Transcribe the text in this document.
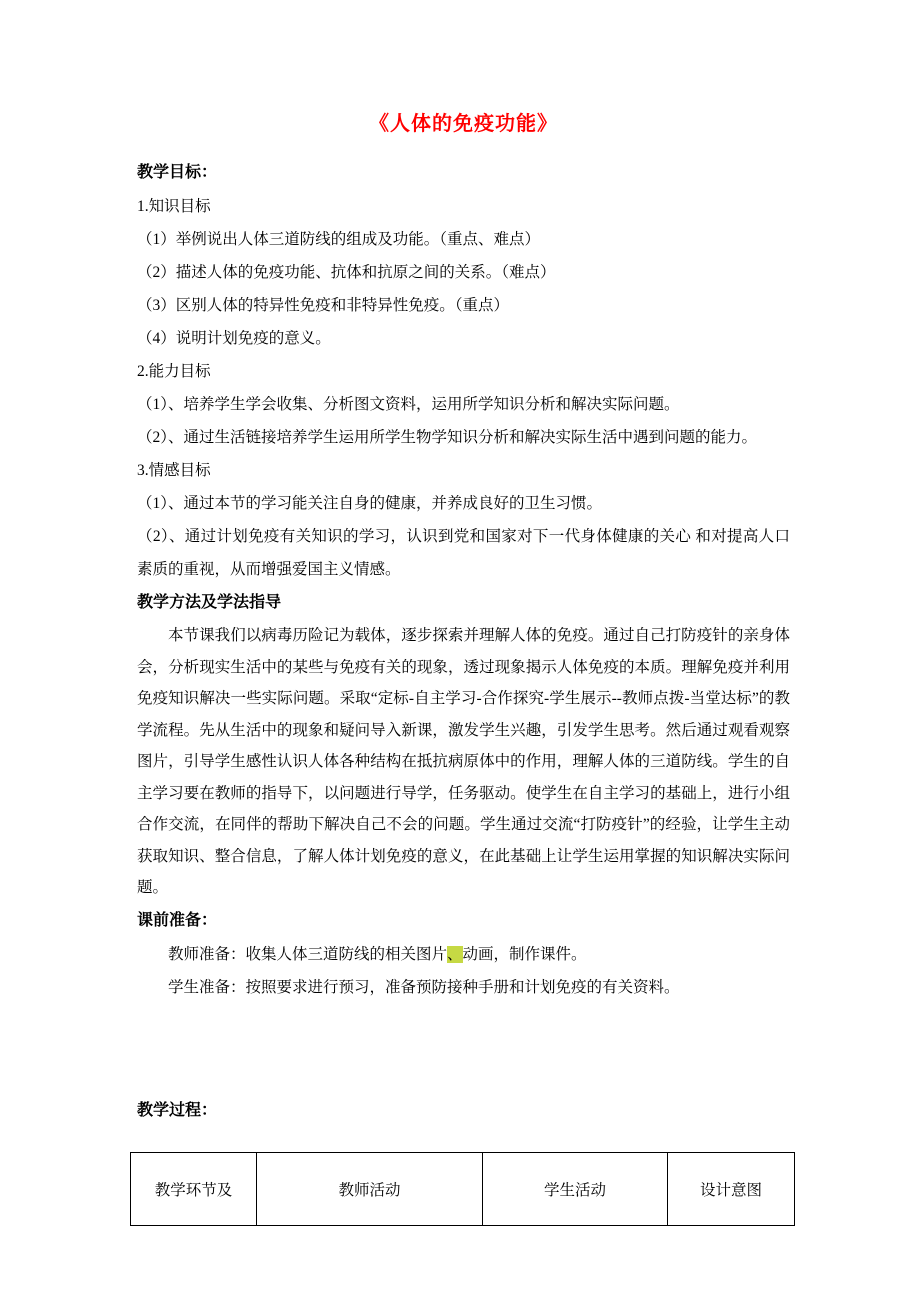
《人体的免疫功能》
教学目标：
1.知识目标
（1）举例说出人体三道防线的组成及功能。（重点、难点）
（2）描述人体的免疫功能、抗体和抗原之间的关系。（难点）
（3）区别人体的特异性免疫和非特异性免疫。（重点）
（4）说明计划免疫的意义。
2.能力目标
（1）、培养学生学会收集、分析图文资料，运用所学知识分析和解决实际问题。
（2）、通过生活链接培养学生运用所学生物学知识分析和解决实际生活中遇到问题的能力。
3.情感目标
（1）、通过本节的学习能关注自身的健康，并养成良好的卫生习惯。
（2）、通过计划免疫有关知识的学习，认识到党和国家对下一代身体健康的关心 和对提高人口素质的重视，从而增强爱国主义情感。
教学方法及学法指导
本节课我们以病毒历险记为载体，逐步探索并理解人体的免疫。通过自己打防疫针的亲身体会，分析现实生活中的某些与免疫有关的现象，透过现象揭示人体免疫的本质。理解免疫并利用免疫知识解决一些实际问题。采取“定标-自主学习-合作探究-学生展示--教师点拨-当堂达标”的教学流程。先从生活中的现象和疑问导入新课，激发学生兴趣，引发学生思考。然后通过观看观察图片，引导学生感性认识人体各种结构在抵抗病原体中的作用，理解人体的三道防线。学生的自主学习要在教师的指导下，以问题进行导学，任务驱动。使学生在自主学习的基础上，进行小组合作交流，在同伴的帮助下解决自己不会的问题。学生通过交流“打防疫针”的经验，让学生主动获取知识、整合信息，了解人体计划免疫的意义，在此基础上让学生运用掌握的知识解决实际问题。
课前准备：
教师准备：收集人体三道防线的相关图片、动画，制作课件。
学生准备：按照要求进行预习，准备预防接种手册和计划免疫的有关资料。
教学过程：
教学环节及	教师活动	学生活动	设计意图
